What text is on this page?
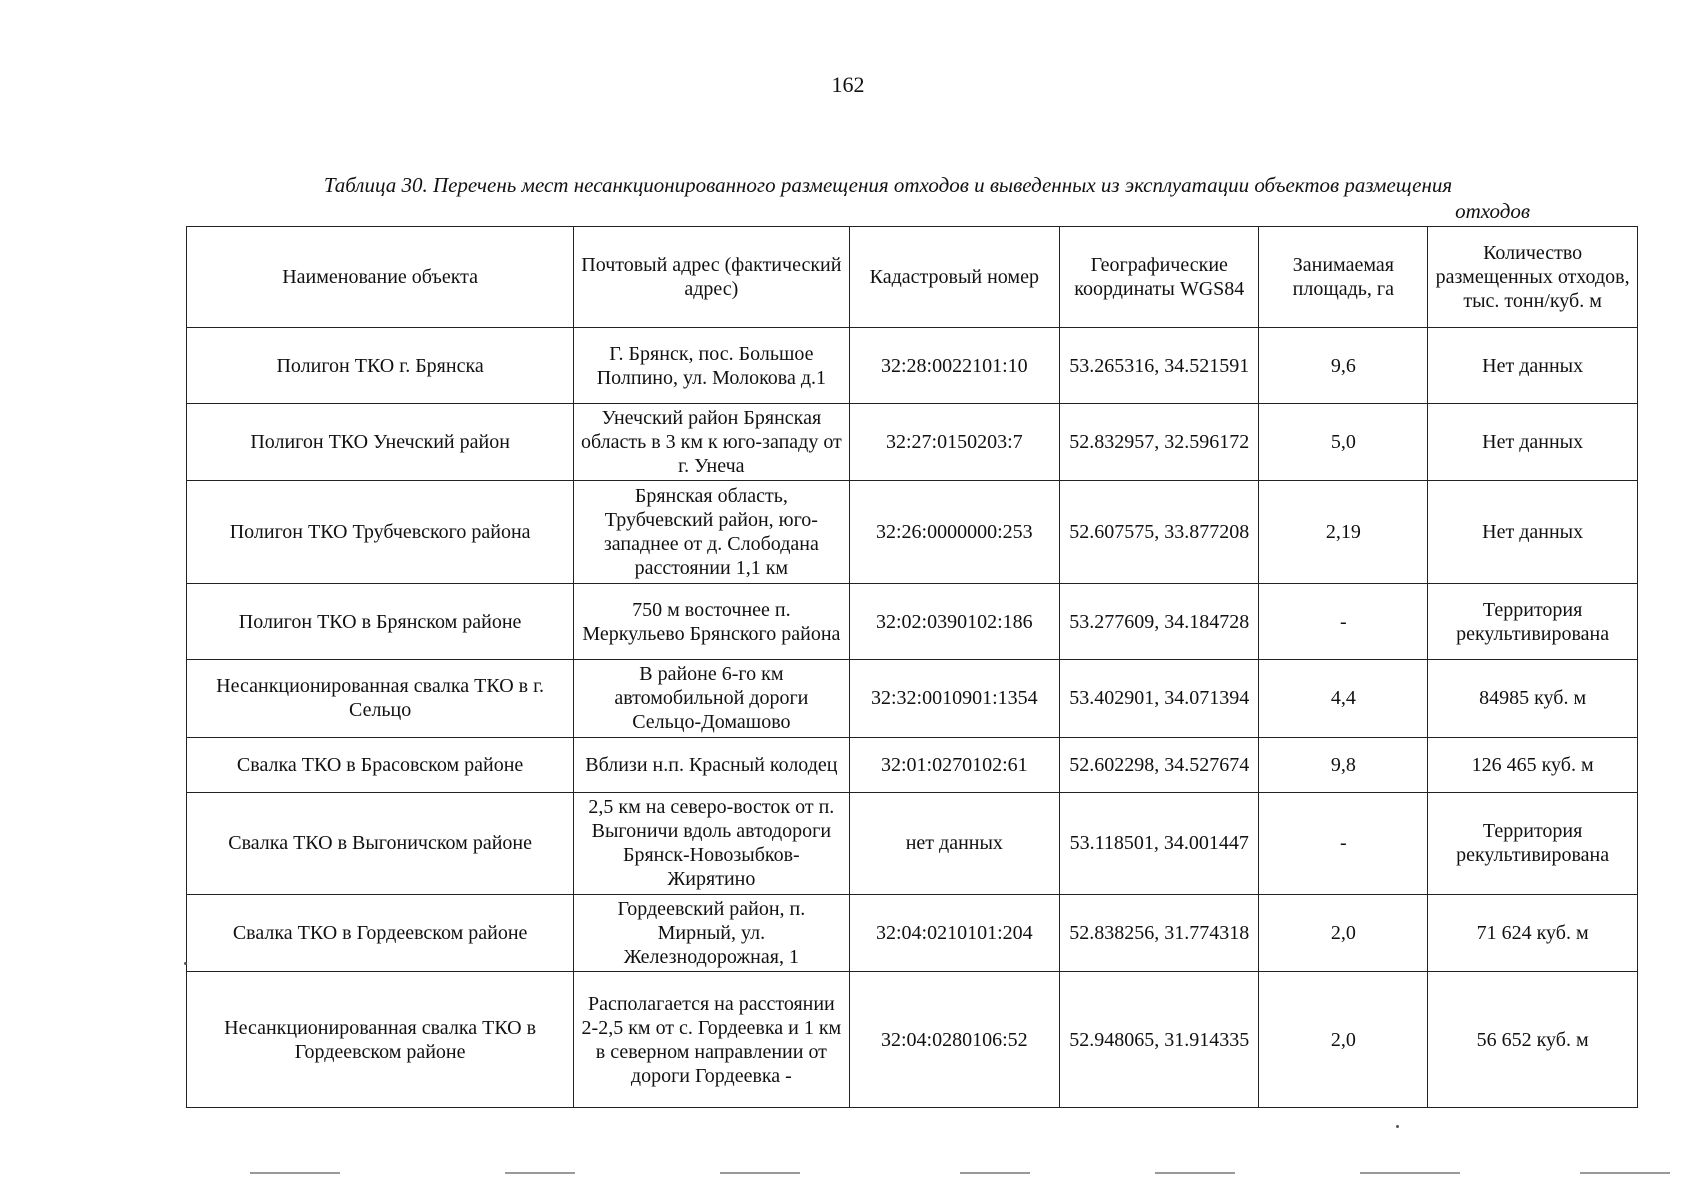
162
Таблица 30. Перечень мест несанкционированного размещения отходов и выведенных из эксплуатации объектов размещения
отходов
Наименование объекта	Почтовый адрес (фактический адрес)	Кадастровый номер	Географические координаты WGS84	Занимаемая площадь, га	Количество размещенных отходов, тыс. тонн/куб. м
Полигон ТКО г. Брянска	Г. Брянск, пос. Большое Полпино, ул. Молокова д.1	32:28:0022101:10	53.265316, 34.521591	9,6	Нет данных
Полигон ТКО Унечский район	Унечский район Брянская область в 3 км к юго-западу от г. Унеча	32:27:0150203:7	52.832957, 32.596172	5,0	Нет данных
Полигон ТКО Трубчевского района	Брянская область, Трубчевский район, юго-западнее от д. Слободана расстоянии 1,1 км	32:26:0000000:253	52.607575, 33.877208	2,19	Нет данных
Полигон ТКО в Брянском районе	750 м восточнее п. Меркульево Брянского района	32:02:0390102:186	53.277609, 34.184728	-	Территория рекультивирована
Несанкционированная свалка ТКО в г. Сельцо	В районе 6-го км автомобильной дороги Сельцо-Домашово	32:32:0010901:1354	53.402901, 34.071394	4,4	84985 куб. м
Свалка ТКО в Брасовском районе	Вблизи н.п. Красный колодец	32:01:0270102:61	52.602298, 34.527674	9,8	126 465 куб. м
Свалка ТКО в Выгоничском районе	2,5 км на северо-восток от п. Выгоничи вдоль автодороги Брянск-Новозыбков-Жирятино	нет данных	53.118501, 34.001447	-	Территория рекультивирована
Свалка ТКО в Гордеевском районе	Гордеевский район, п. Мирный, ул. Железнодорожная, 1	32:04:0210101:204	52.838256, 31.774318	2,0	71 624 куб. м
Несанкционированная свалка ТКО в Гордеевском районе	Располагается на расстоянии 2-2,5 км от с. Гордеевка и 1 км в северном направлении от дороги Гордеевка -	32:04:0280106:52	52.948065, 31.914335	2,0	56 652 куб. м
